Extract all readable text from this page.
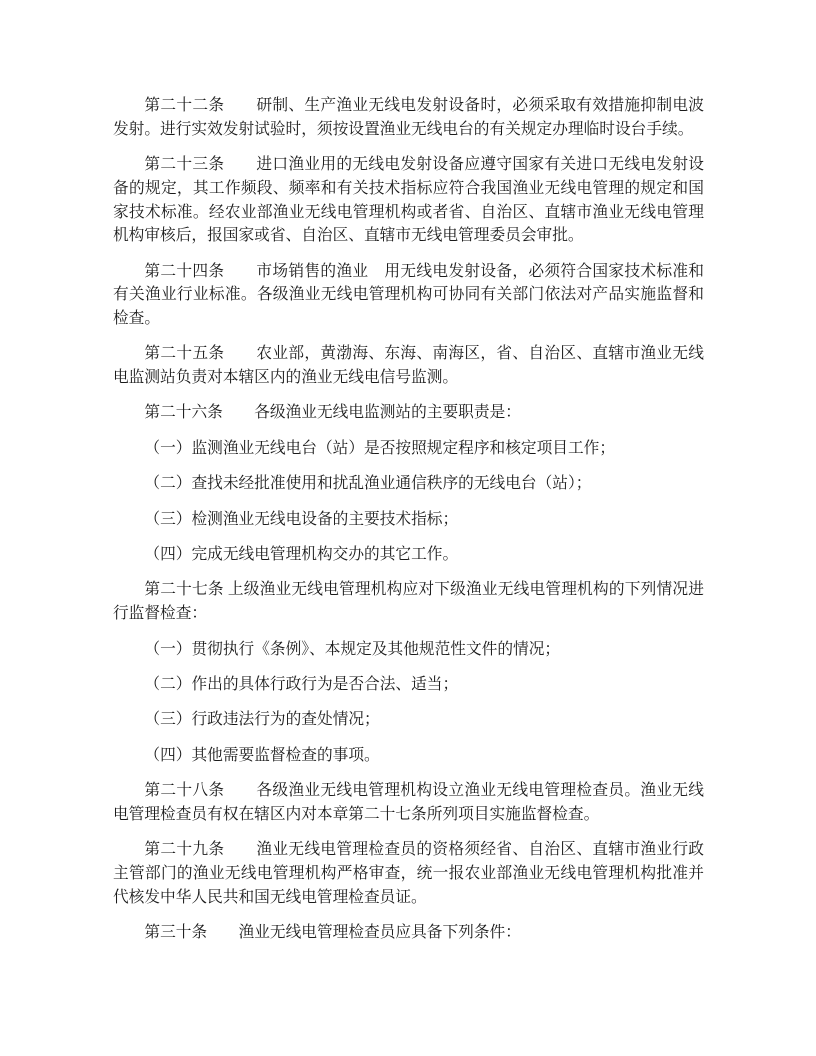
第二十二条　　研制、生产渔业无线电发射设备时，必须采取有效措施抑制电波发射。进行实效发射试验时，须按设置渔业无线电台的有关规定办理临时设台手续。

第二十三条　　进口渔业用的无线电发射设备应遵守国家有关进口无线电发射设备的规定，其工作频段、频率和有关技术指标应符合我国渔业无线电管理的规定和国家技术标准。经农业部渔业无线电管理机构或者省、自治区、直辖市渔业无线电管理机构审核后，报国家或省、自治区、直辖市无线电管理委员会审批。

第二十四条　　市场销售的渔业　用无线电发射设备，必须符合国家技术标准和有关渔业行业标准。各级渔业无线电管理机构可协同有关部门依法对产品实施监督和检查。

第二十五条　　农业部，黄渤海、东海、南海区，省、自治区、直辖市渔业无线电监测站负责对本辖区内的渔业无线电信号监测。

第二十六条　　各级渔业无线电监测站的主要职责是：

（一）监测渔业无线电台（站）是否按照规定程序和核定项目工作；

（二）查找未经批准使用和扰乱渔业通信秩序的无线电台（站）；

（三）检测渔业无线电设备的主要技术指标；

（四）完成无线电管理机构交办的其它工作。

第二十七条 上级渔业无线电管理机构应对下级渔业无线电管理机构的下列情况进行监督检查：

（一）贯彻执行《条例》、本规定及其他规范性文件的情况；

（二）作出的具体行政行为是否合法、适当；

（三）行政违法行为的查处情况；

（四）其他需要监督检查的事项。

第二十八条　　各级渔业无线电管理机构设立渔业无线电管理检查员。渔业无线电管理检查员有权在辖区内对本章第二十七条所列项目实施监督检查。

第二十九条　　渔业无线电管理检查员的资格须经省、自治区、直辖市渔业行政主管部门的渔业无线电管理机构严格审查，统一报农业部渔业无线电管理机构批准并代核发中华人民共和国无线电管理检查员证。

第三十条　　渔业无线电管理检查员应具备下列条件：
